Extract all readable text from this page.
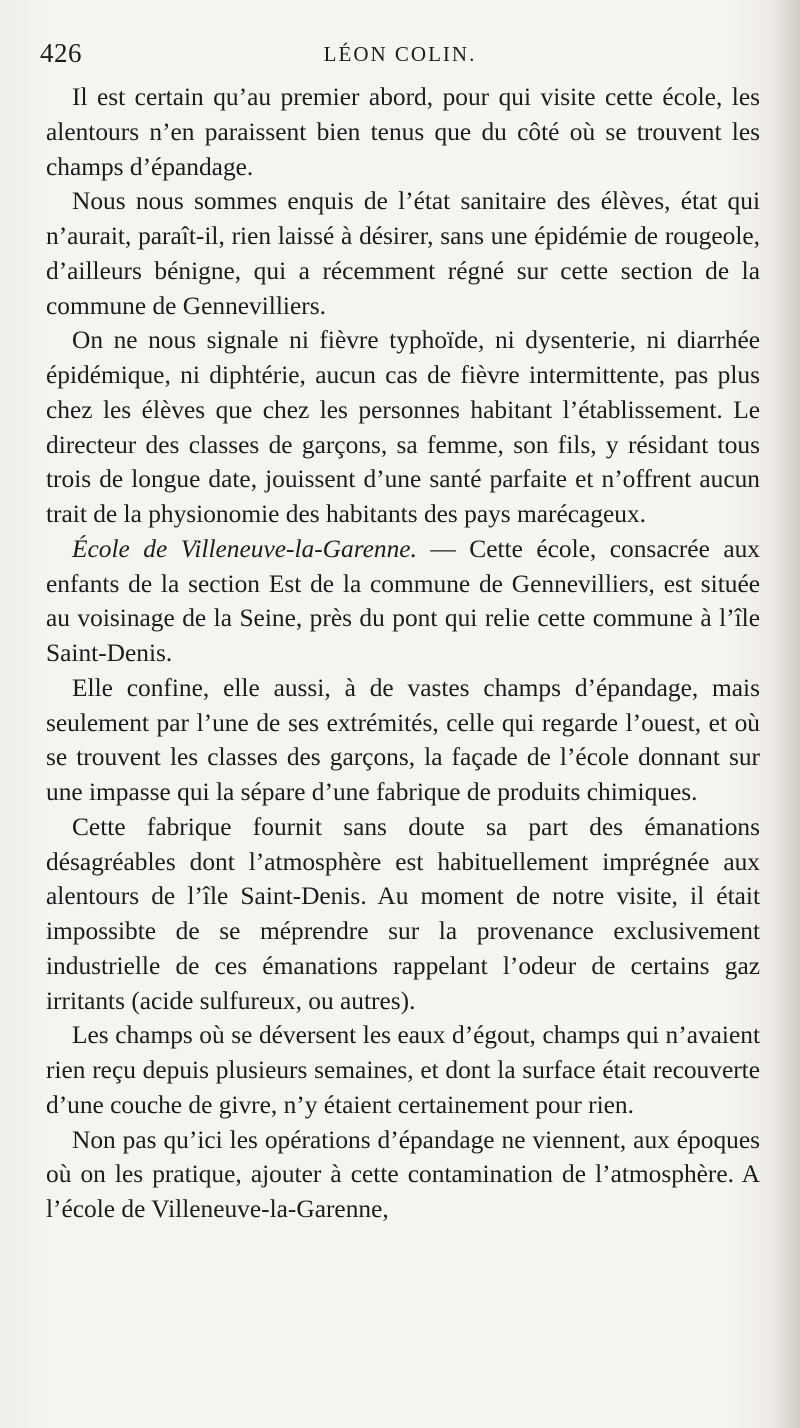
426	LÉON COLIN.

Il est certain qu’au premier abord, pour qui visite cette école, les alentours n’en paraissent bien tenus que du côté où se trouvent les champs d’épandage.

Nous nous sommes enquis de l’état sanitaire des élèves, état qui n’aurait, paraît-il, rien laissé à désirer, sans une épidémie de rougeole, d’ailleurs bénigne, qui a récemment régné sur cette section de la commune de Gennevilliers.

On ne nous signale ni fièvre typhoïde, ni dysenterie, ni diarrhée épidémique, ni diphtérie, aucun cas de fièvre intermittente, pas plus chez les élèves que chez les personnes habitant l’établissement. Le directeur des classes de garçons, sa femme, son fils, y résidant tous trois de longue date, jouissent d’une santé parfaite et n’offrent aucun trait de la physionomie des habitants des pays marécageux.

École de Villeneuve-la-Garenne. — Cette école, consacrée aux enfants de la section Est de la commune de Gennevilliers, est située au voisinage de la Seine, près du pont qui relie cette commune à l’île Saint-Denis.

Elle confine, elle aussi, à de vastes champs d’épandage, mais seulement par l’une de ses extrémités, celle qui regarde l’ouest, et où se trouvent les classes des garçons, la façade de l’école donnant sur une impasse qui la sépare d’une fabrique de produits chimiques.

Cette fabrique fournit sans doute sa part des émanations désagréables dont l’atmosphère est habituellement imprégnée aux alentours de l’île Saint-Denis. Au moment de notre visite, il était impossibte de se méprendre sur la provenance exclusivement industrielle de ces émanations rappelant l’odeur de certains gaz irritants (acide sulfureux, ou autres).

Les champs où se déversent les eaux d’égout, champs qui n’avaient rien reçu depuis plusieurs semaines, et dont la surface était recouverte d’une couche de givre, n’y étaient certainement pour rien.

Non pas qu’ici les opérations d’épandage ne viennent, aux époques où on les pratique, ajouter à cette contamination de l’atmosphère. A l’école de Villeneuve-la-Garenne,
